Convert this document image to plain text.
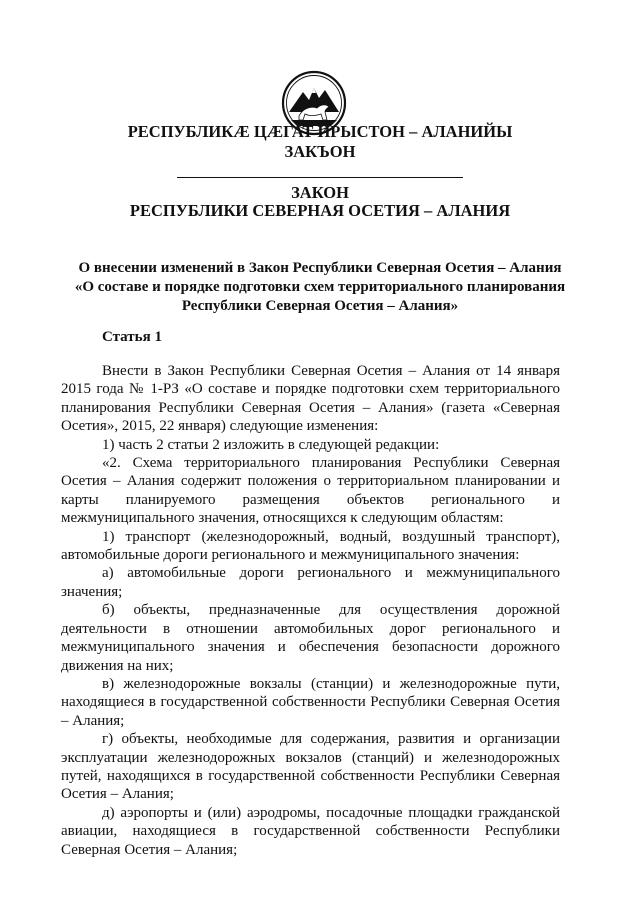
РЕСПУБЛИКӔ ЦӔГАТ ИРЫСТОН – АЛАНИЙЫ
ЗАКЪОН
ЗАКОН
РЕСПУБЛИКИ СЕВЕРНАЯ ОСЕТИЯ – АЛАНИЯ
О внесении изменений в Закон Республики Северная Осетия – Алания
«О составе и порядке подготовки схем территориального планирования
Республики Северная Осетия – Алания»
Статья 1

Внести в Закон Республики Северная Осетия – Алания от 14 января 2015 года № 1-РЗ «О составе и порядке подготовки схем территориального планирования Республики Северная Осетия – Алания» (газета «Северная Осетия», 2015, 22 января) следующие изменения:

1) часть 2 статьи 2 изложить в следующей редакции:

«2. Схема территориального планирования Республики Северная Осетия – Алания содержит положения о территориальном планировании и карты планируемого размещения объектов регионального и межмуниципального значения, относящихся к следующим областям:

1) транспорт (железнодорожный, водный, воздушный транспорт), автомобильные дороги регионального и межмуниципального значения:

а) автомобильные дороги регионального и межмуниципального значения;

б) объекты, предназначенные для осуществления дорожной деятельности в отношении автомобильных дорог регионального и межмуниципального значения и обеспечения безопасности дорожного движения на них;

в) железнодорожные вокзалы (станции) и железнодорожные пути, находящиеся в государственной собственности Республики Северная Осетия – Алания;

г) объекты, необходимые для содержания, развития и организации эксплуатации железнодорожных вокзалов (станций) и железнодорожных путей, находящихся в государственной собственности Республики Северная Осетия – Алания;

д) аэропорты и (или) аэродромы, посадочные площадки гражданской авиации, находящиеся в государственной собственности Республики Северная Осетия – Алания;
